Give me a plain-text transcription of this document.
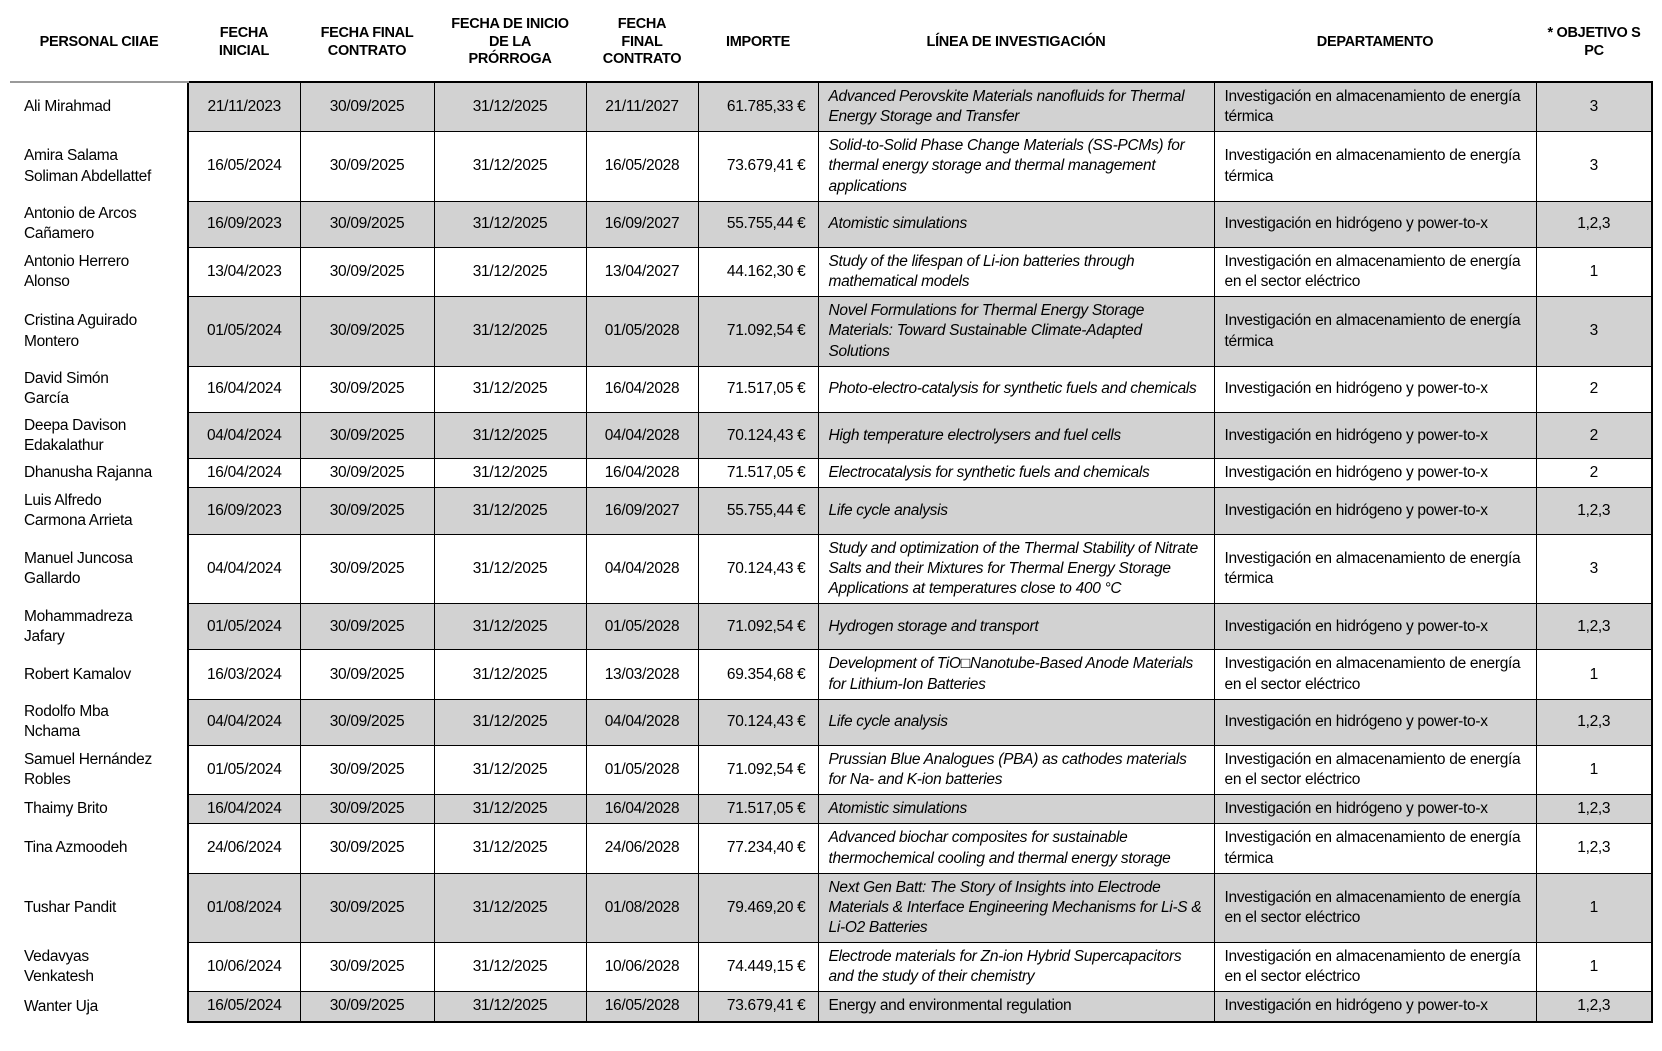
PERSONAL CIIAE	FECHA INICIAL	FECHA FINAL CONTRATO	FECHA DE INICIO DE LA PRÓRROGA	FECHA FINAL CONTRATO	IMPORTE	LÍNEA DE INVESTIGACIÓN	DEPARTAMENTO	* OBJETIVO S PC
Ali Mirahmad	21/11/2023	30/09/2025	31/12/2025	21/11/2027	61.785,33 €	Advanced Perovskite Materials nanofluids for Thermal Energy Storage and Transfer	Investigación en almacenamiento de energía térmica	3
Amira Salama Soliman Abdellattef	16/05/2024	30/09/2025	31/12/2025	16/05/2028	73.679,41 €	Solid-to-Solid Phase Change Materials (SS-PCMs) for thermal energy storage and thermal management applications	Investigación en almacenamiento de energía térmica	3
Antonio de Arcos Cañamero	16/09/2023	30/09/2025	31/12/2025	16/09/2027	55.755,44 €	Atomistic simulations	Investigación en hidrógeno y power-to-x	1,2,3
Antonio Herrero Alonso	13/04/2023	30/09/2025	31/12/2025	13/04/2027	44.162,30 €	Study of the lifespan of Li-ion batteries through mathematical models	Investigación en almacenamiento de energía en el sector eléctrico	1
Cristina Aguirado Montero	01/05/2024	30/09/2025	31/12/2025	01/05/2028	71.092,54 €	Novel Formulations for Thermal Energy Storage Materials: Toward Sustainable Climate-Adapted Solutions	Investigación en almacenamiento de energía térmica	3
David Simón García	16/04/2024	30/09/2025	31/12/2025	16/04/2028	71.517,05 €	Photo-electro-catalysis for synthetic fuels and chemicals	Investigación en hidrógeno y power-to-x	2
Deepa Davison Edakalathur	04/04/2024	30/09/2025	31/12/2025	04/04/2028	70.124,43 €	High temperature electrolysers and fuel cells	Investigación en hidrógeno y power-to-x	2
Dhanusha Rajanna	16/04/2024	30/09/2025	31/12/2025	16/04/2028	71.517,05 €	Electrocatalysis for synthetic fuels and chemicals	Investigación en hidrógeno y power-to-x	2
Luis Alfredo Carmona Arrieta	16/09/2023	30/09/2025	31/12/2025	16/09/2027	55.755,44 €	Life cycle analysis	Investigación en hidrógeno y power-to-x	1,2,3
Manuel Juncosa Gallardo	04/04/2024	30/09/2025	31/12/2025	04/04/2028	70.124,43 €	Study and optimization of the Thermal Stability of Nitrate Salts and their Mixtures for Thermal Energy Storage Applications at temperatures close to 400 °C	Investigación en almacenamiento de energía térmica	3
Mohammadreza Jafary	01/05/2024	30/09/2025	31/12/2025	01/05/2028	71.092,54 €	Hydrogen storage and transport	Investigación en hidrógeno y power-to-x	1,2,3
Robert Kamalov	16/03/2024	30/09/2025	31/12/2025	13/03/2028	69.354,68 €	Development of TiO□Nanotube-Based Anode Materials for Lithium-Ion Batteries	Investigación en almacenamiento de energía en el sector eléctrico	1
Rodolfo Mba Nchama	04/04/2024	30/09/2025	31/12/2025	04/04/2028	70.124,43 €	Life cycle analysis	Investigación en hidrógeno y power-to-x	1,2,3
Samuel Hernández Robles	01/05/2024	30/09/2025	31/12/2025	01/05/2028	71.092,54 €	Prussian Blue Analogues (PBA) as cathodes materials for Na- and K-ion batteries	Investigación en almacenamiento de energía en el sector eléctrico	1
Thaimy Brito	16/04/2024	30/09/2025	31/12/2025	16/04/2028	71.517,05 €	Atomistic simulations	Investigación en hidrógeno y power-to-x	1,2,3
Tina Azmoodeh	24/06/2024	30/09/2025	31/12/2025	24/06/2028	77.234,40 €	Advanced biochar composites for sustainable thermochemical cooling and thermal energy storage	Investigación en almacenamiento de energía térmica	1,2,3
Tushar Pandit	01/08/2024	30/09/2025	31/12/2025	01/08/2028	79.469,20 €	Next Gen Batt: The Story of Insights into Electrode Materials & Interface Engineering Mechanisms for Li-S & Li-O2 Batteries	Investigación en almacenamiento de energía en el sector eléctrico	1
Vedavyas Venkatesh	10/06/2024	30/09/2025	31/12/2025	10/06/2028	74.449,15 €	Electrode materials for Zn-ion Hybrid Supercapacitors and the study of their chemistry	Investigación en almacenamiento de energía en el sector eléctrico	1
Wanter Uja	16/05/2024	30/09/2025	31/12/2025	16/05/2028	73.679,41 €	Energy and environmental regulation	Investigación en hidrógeno y power-to-x	1,2,3
